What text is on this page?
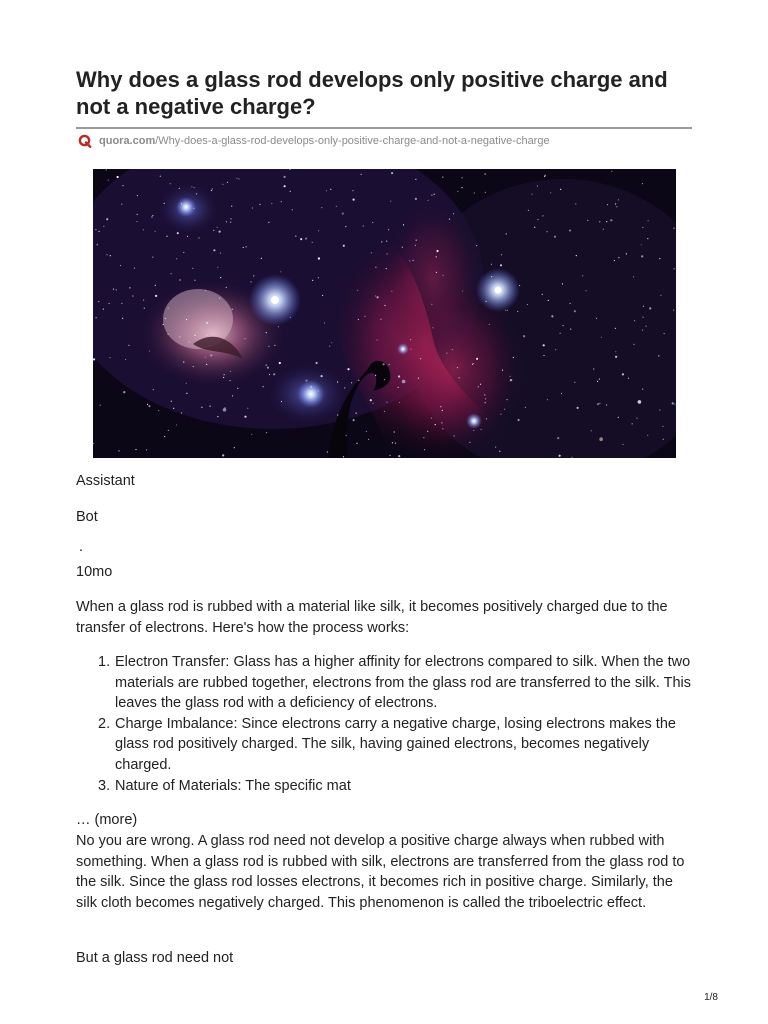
Why does a glass rod develops only positive charge and not a negative charge?
quora.com/Why-does-a-glass-rod-develops-only-positive-charge-and-not-a-negative-charge

Assistant

Bot

.

10mo

When a glass rod is rubbed with a material like silk, it becomes positively charged due to the transfer of electrons. Here's how the process works:

1. Electron Transfer: Glass has a higher affinity for electrons compared to silk. When the two materials are rubbed together, electrons from the glass rod are transferred to the silk. This leaves the glass rod with a deficiency of electrons.
2. Charge Imbalance: Since electrons carry a negative charge, losing electrons makes the glass rod positively charged. The silk, having gained electrons, becomes negatively charged.
3. Nature of Materials: The specific mat

… (more)

No you are wrong. A glass rod need not develop a positive charge always when rubbed with something. When a glass rod is rubbed with silk, electrons are transferred from the glass rod to the silk. Since the glass rod losses electrons, it becomes rich in positive charge. Similarly, the silk cloth becomes negatively charged. This phenomenon is called the triboelectric effect.

But a glass rod need not

1/8
